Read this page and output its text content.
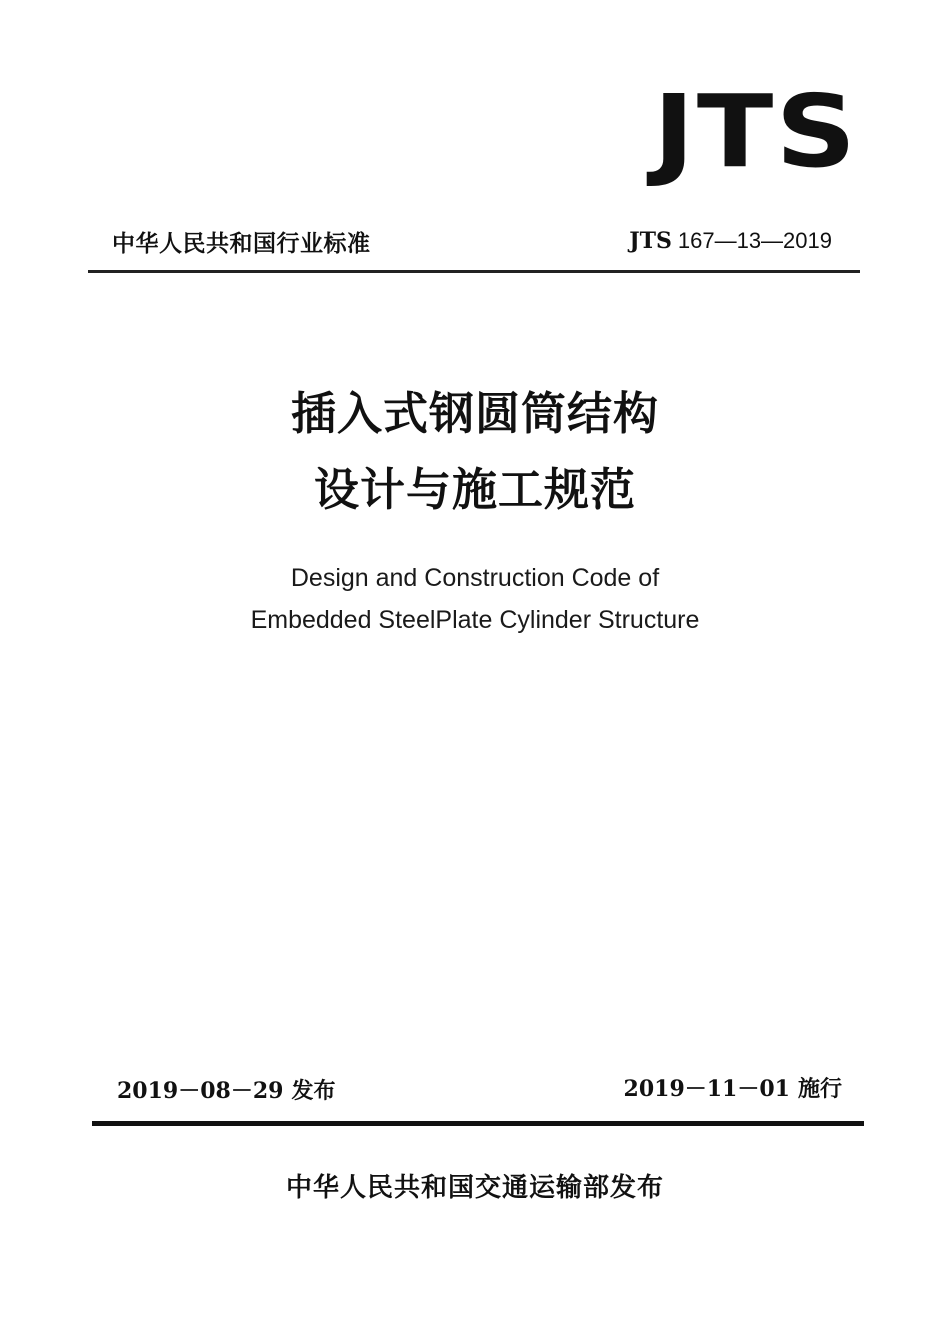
JTS
中华人民共和国行业标准	JTS 167—13—2019
插入式钢圆筒结构
设计与施工规范
Design and Construction Code of
Embedded SteelPlate Cylinder Structure
2019－08－29 发布	2019－11－01 施行
中华人民共和国交通运输部发布
